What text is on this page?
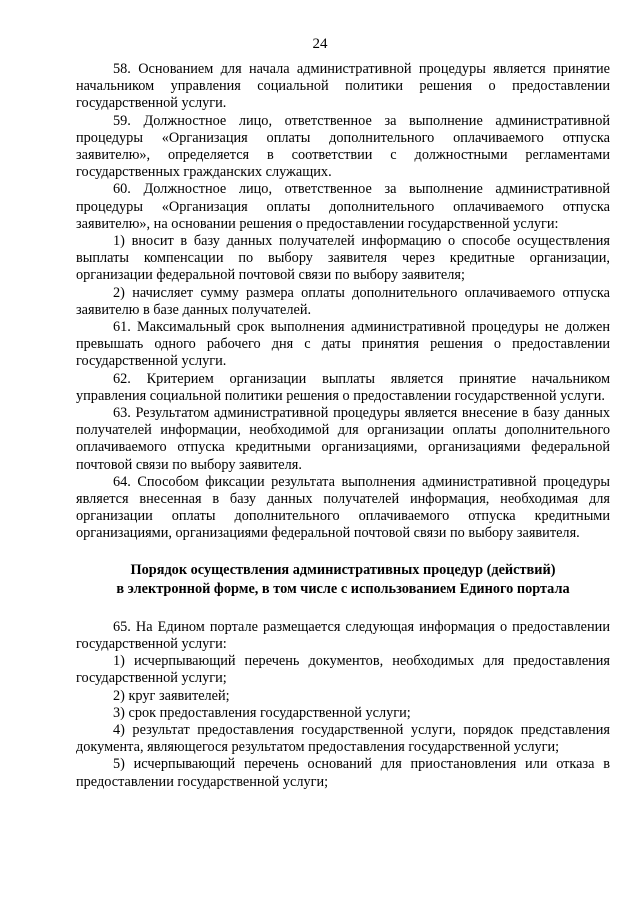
24

58. Основанием для начала административной процедуры является принятие начальником управления социальной политики решения о предоставлении государственной услуги.

59. Должностное лицо, ответственное за выполнение административной процедуры «Организация оплаты дополнительного оплачиваемого отпуска заявителю», определяется в соответствии с должностными регламентами государственных гражданских служащих.

60. Должностное лицо, ответственное за выполнение административной процедуры «Организация оплаты дополнительного оплачиваемого отпуска заявителю», на основании решения о предоставлении государственной услуги:

1) вносит в базу данных получателей информацию о способе осуществления выплаты компенсации по выбору заявителя через кредитные организации, организации федеральной почтовой связи по выбору заявителя;

2) начисляет сумму размера оплаты дополнительного оплачиваемого отпуска заявителю в базе данных получателей.

61. Максимальный срок выполнения административной процедуры не должен превышать одного рабочего дня с даты принятия решения о предоставлении государственной услуги.

62. Критерием организации выплаты является принятие начальником управления социальной политики решения о предоставлении государственной услуги.

63. Результатом административной процедуры является внесение в базу данных получателей информации, необходимой для организации оплаты дополнительного оплачиваемого отпуска кредитными организациями, организациями федеральной почтовой связи по выбору заявителя.

64. Способом фиксации результата выполнения административной процедуры является внесенная в базу данных получателей информация, необходимая для организации оплаты дополнительного оплачиваемого отпуска кредитными организациями, организациями федеральной почтовой связи по выбору заявителя.

Порядок осуществления административных процедур (действий)

в электронной форме, в том числе с использованием Единого портала

65. На Едином портале размещается следующая информация о предоставлении государственной услуги:

1) исчерпывающий перечень документов, необходимых для предоставления государственной услуги;

2) круг заявителей;

3) срок предоставления государственной услуги;

4) результат предоставления государственной услуги, порядок представления документа, являющегося результатом предоставления государственной услуги;

5) исчерпывающий перечень оснований для приостановления или отказа в предоставлении государственной услуги;
